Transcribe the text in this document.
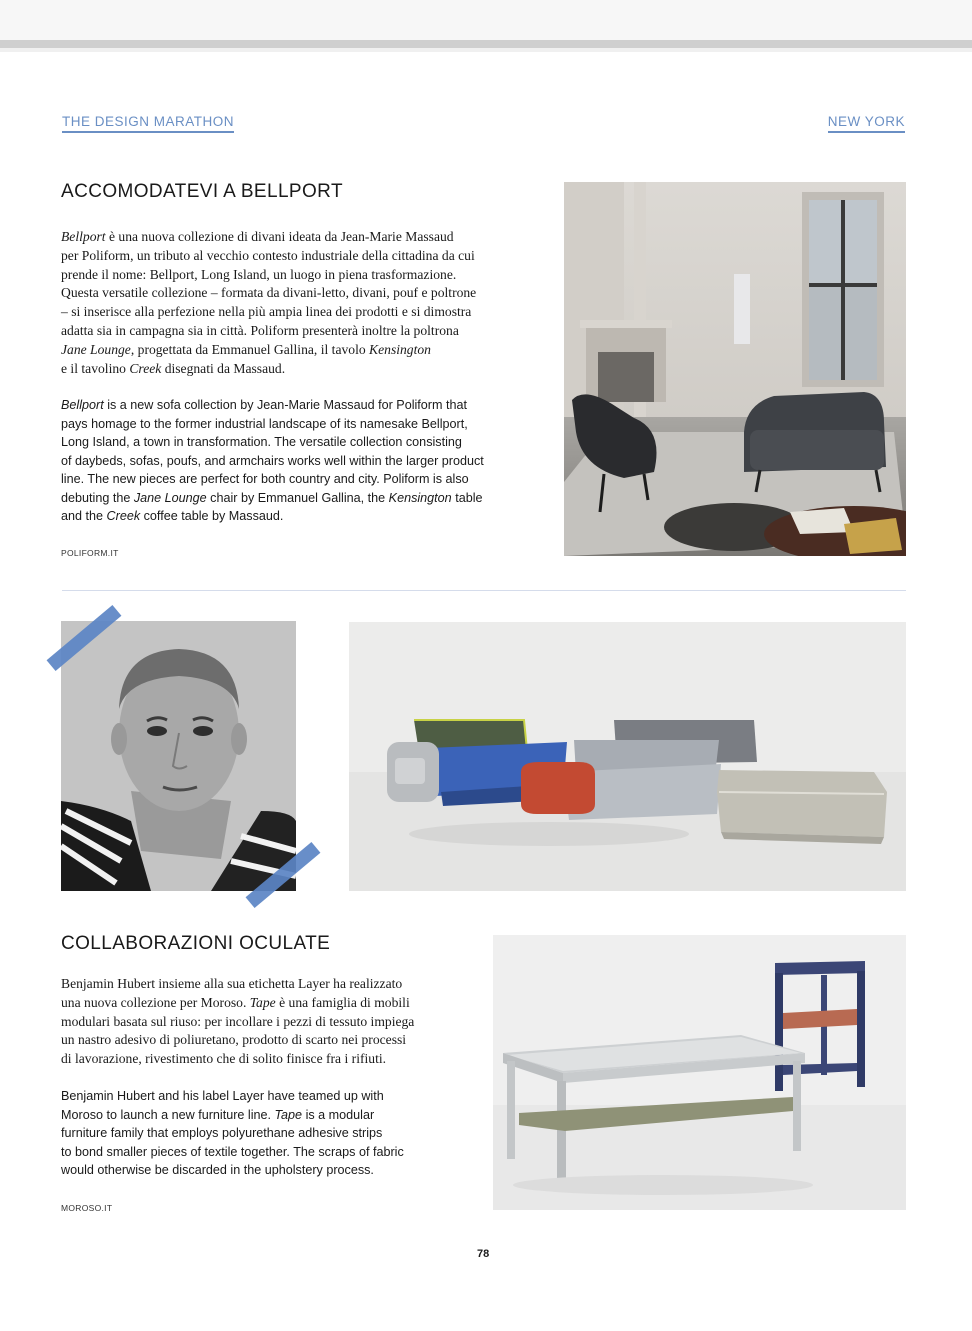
THE DESIGN MARATHON	NEW YORK
ACCOMODATEVI A BELLPORT
Bellport è una nuova collezione di divani ideata da Jean-Marie Massaud
per Poliform, un tributo al vecchio contesto industriale della cittadina da cui
prende il nome: Bellport, Long Island, un luogo in piena trasformazione.
Questa versatile collezione – formata da divani-letto, divani, pouf e poltrone
– si inserisce alla perfezione nella più ampia linea dei prodotti e si dimostra
adatta sia in campagna sia in città. Poliform presenterà inoltre la poltrona
Jane Lounge, progettata da Emmanuel Gallina, il tavolo Kensington
e il tavolino Creek disegnati da Massaud.
Bellport is a new sofa collection by Jean-Marie Massaud for Poliform that
pays homage to the former industrial landscape of its namesake Bellport,
Long Island, a town in transformation. The versatile collection consisting
of daybeds, sofas, poufs, and armchairs works well within the larger product
line. The new pieces are perfect for both country and city. Poliform is also
debuting the Jane Lounge chair by Emmanuel Gallina, the Kensington table
and the Creek coffee table by Massaud.
POLIFORM.IT
COLLABORAZIONI OCULATE
Benjamin Hubert insieme alla sua etichetta Layer ha realizzato
una nuova collezione per Moroso. Tape è una famiglia di mobili
modulari basata sul riuso: per incollare i pezzi di tessuto impiega
un nastro adesivo di poliuretano, prodotto di scarto nei processi
di lavorazione, rivestimento che di solito finisce fra i rifiuti.
Benjamin Hubert and his label Layer have teamed up with
Moroso to launch a new furniture line. Tape is a modular
furniture family that employs polyurethane adhesive strips
to bond smaller pieces of textile together. The scraps of fabric
would otherwise be discarded in the upholstery process.
MOROSO.IT
78
